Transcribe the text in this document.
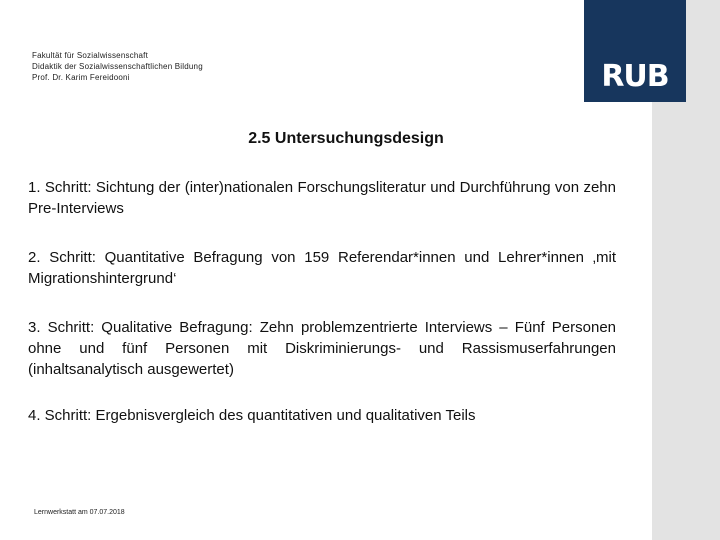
RUB
Fakultät für Sozialwissenschaft
Didaktik der Sozialwissenschaftlichen Bildung
Prof. Dr. Karim Fereidooni
2.5 Untersuchungsdesign
1. Schritt: Sichtung der (inter)nationalen Forschungsliteratur und Durchführung von zehn Pre-Interviews
2. Schritt: Quantitative Befragung von 159 Referendar*innen und Lehrer*innen ‚mit Migrationshintergrund‘
3. Schritt: Qualitative Befragung: Zehn problemzentrierte Interviews – Fünf Personen ohne und fünf Personen mit Diskriminierungs- und Rassismuserfahrungen (inhaltsanalytisch ausgewertet)
4. Schritt: Ergebnisvergleich des quantitativen und qualitativen Teils
Lernwerkstatt am 07.07.2018
